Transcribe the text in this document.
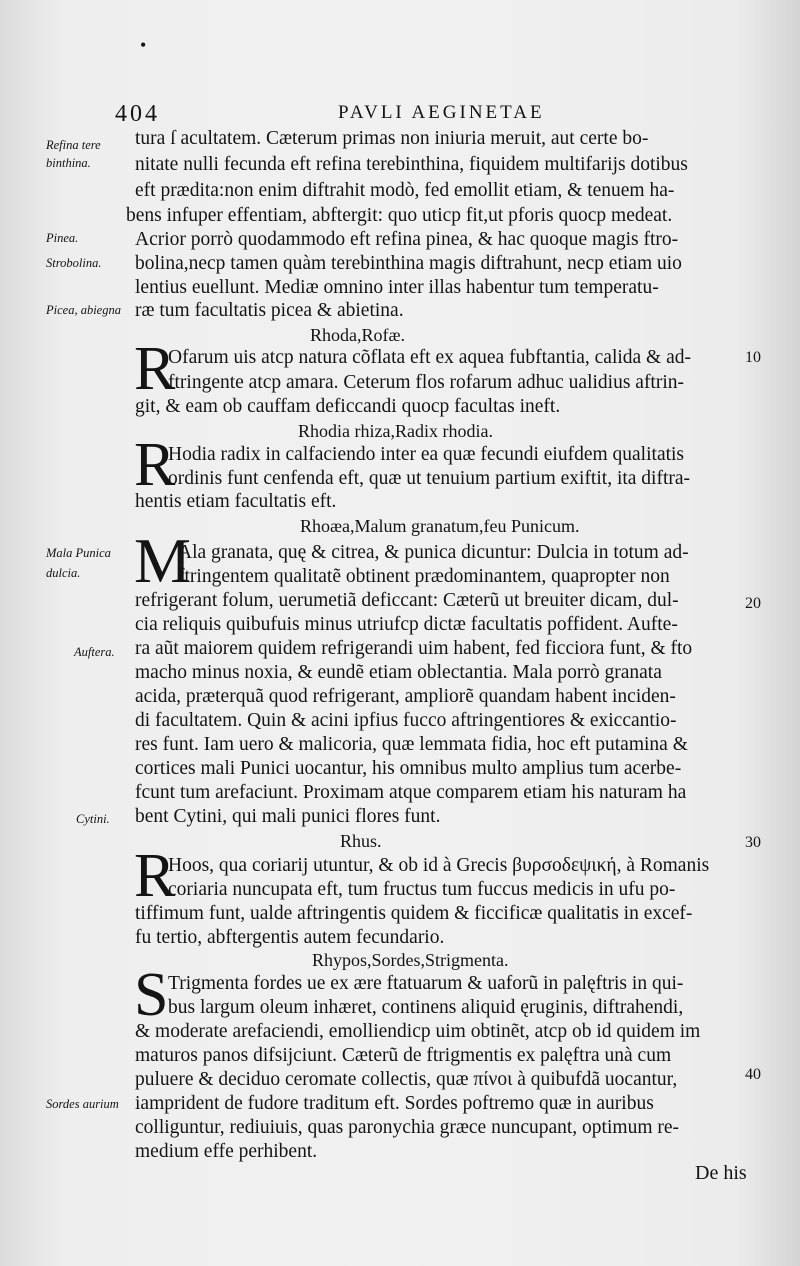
•
404	PAVLI AEGINETAE
Refina tere
binthina.
Pinea.
Strobolina.
Picea, abiegna
Mala Punica
dulcia.
Auftera.
Cytini.
Sordes aurium
10
20
30
40
tura ſ acultatem. Cæterum primas non iniuria meruit, aut certe bo-
nitate nulli fecunda eft refina terebinthina, fiquidem multifarijs dotibus
eft prædita:non enim diftrahit modò, fed emollit etiam, & tenuem ha-
bens infuper effentiam, abftergit: quo uticp fit,ut pforis quocp medeat.
Acrior porrò quodammodo eft refina pinea, & hac quoque magis ftro-
bolina,necp tamen quàm terebinthina magis diftrahunt, necp etiam uio
lentius euellunt. Mediæ omnino inter illas habentur tum temperatu-
ræ tum facultatis picea & abietina.
Rhoda,Rofæ.
R
Ofarum uis atcp natura cõflata eft ex aquea fubftantia, calida & ad-
ftringente atcp amara. Ceterum flos rofarum adhuc ualidius aftrin-
git, & eam ob cauffam deficcandi quocp facultas ineft.
Rhodia rhiza,Radix rhodia.
R
Hodia radix in calfaciendo inter ea quæ fecundi eiufdem qualitatis
ordinis funt cenfenda eft, quæ ut tenuium partium exiftit, ita diftra-
hentis etiam facultatis eft.
Rhoæa,Malum granatum,feu Punicum.
M
Ala granata, quę & citrea, & punica dicuntur: Dulcia in totum ad-
ftringentem qualitatẽ obtinent prædominantem, quapropter non
refrigerant folum, uerumetiã deficcant: Cæterũ ut breuiter dicam, dul-
cia reliquis quibufuis minus utriufcp dictæ facultatis poffident. Aufte-
ra aũt maiorem quidem refrigerandi uim habent, fed ficciora funt, & fto
macho minus noxia, & eundẽ etiam oblectantia. Mala porrò granata
acida, præterquã quod refrigerant, ampliorẽ quandam habent inciden-
di facultatem. Quin & acini ipfius fucco aftringentiores & exiccantio-
res funt. Iam uero & malicoria, quæ lemmata fidia, hoc eft putamina &
cortices mali Punici uocantur, his omnibus multo amplius tum acerbe-
fcunt tum arefaciunt. Proximam atque comparem etiam his naturam ha
bent Cytini, qui mali punici flores funt.
Rhus.
R
Hoos, qua coriarij utuntur, & ob id à Grecis βυρσοδεψική, à Romanis
coriaria nuncupata eft, tum fructus tum fuccus medicis in ufu po-
tiffimum funt, ualde aftringentis quidem & ficcificæ qualitatis in excef-
fu tertio, abftergentis autem fecundario.
Rhypos,Sordes,Strigmenta.
S Trigmenta fordes ue ex ære ftatuarum & uaforũ in palęftris in qui-
bus largum oleum inhæret, continens aliquid ęruginis, diftrahendi,
& moderate arefaciendi, emolliendicp uim obtinẽt, atcp ob id quidem im
maturos panos difsijciunt. Cæterũ de ftrigmentis ex palęftra unà cum
puluere & deciduo ceromate collectis, quæ πίνοι à quibufdã uocantur,
iamprident de fudore traditum eft. Sordes poftremo quæ in auribus
colliguntur, rediuiuis, quas paronychia græce nuncupant, optimum re-
medium effe perhibent.
De his
